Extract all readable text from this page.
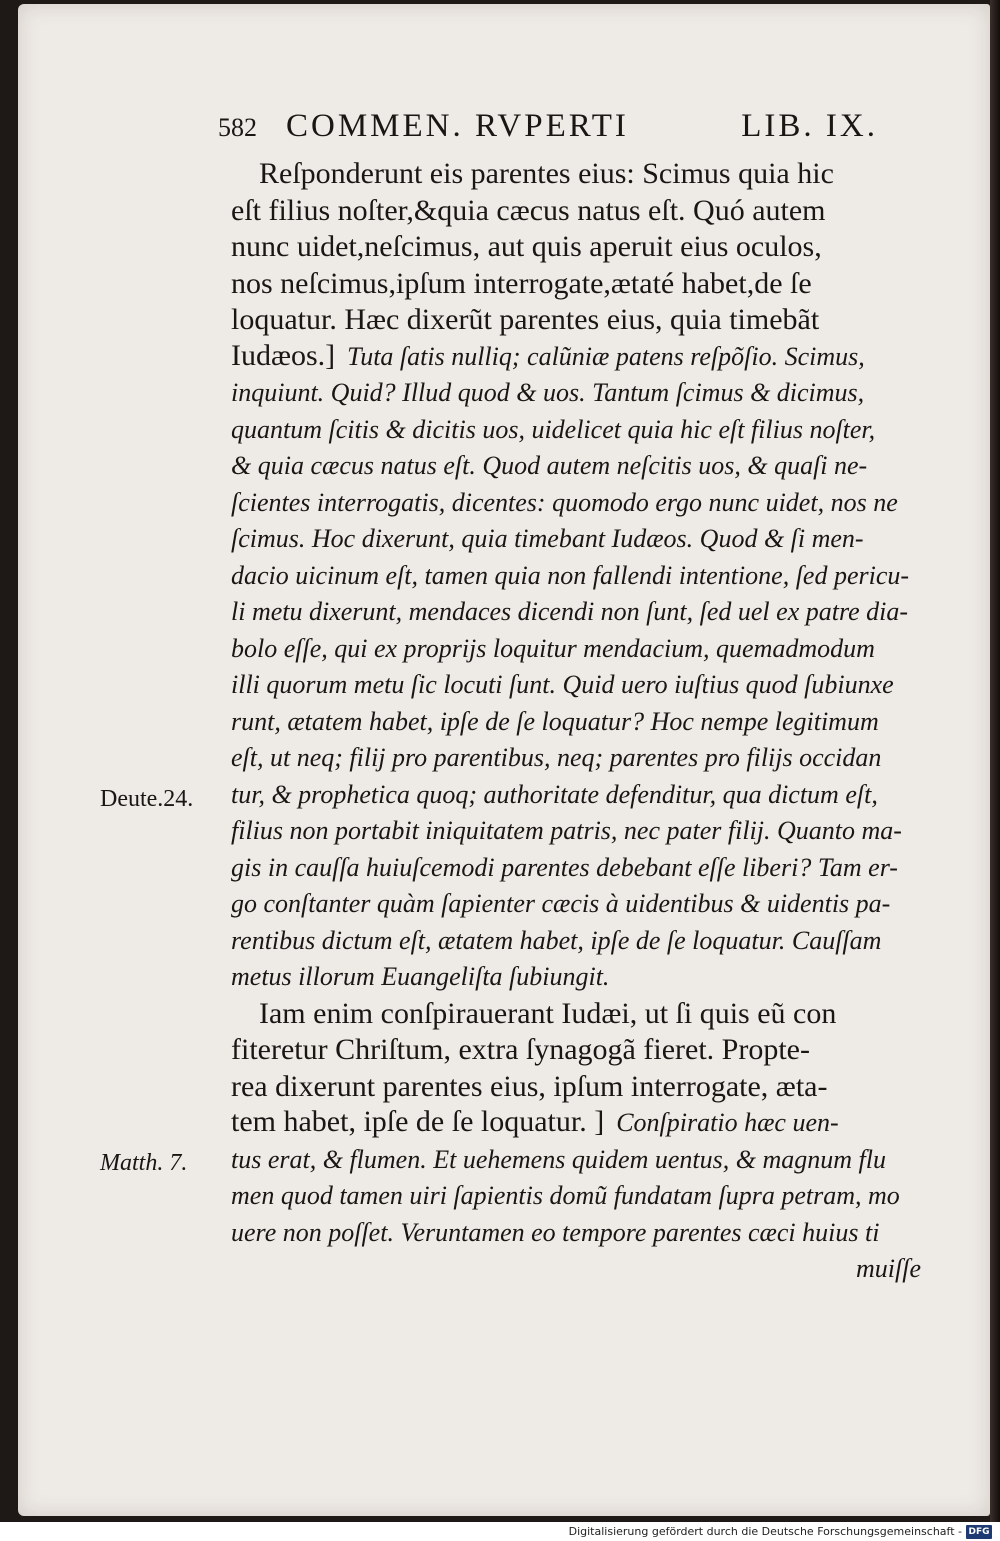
582 COMMEN. RVPERTI	LIB. IX.
Reſponderunt eis parentes eius: Scimus quia hic
eſt filius noſter,&quia cæcus natus eſt. Quó autem
nunc uidet,neſcimus, aut quis aperuit eius oculos,
nos neſcimus,ipſum interrogate,ætaté habet,de ſe
loquatur. Hæc dixerũt parentes eius, quia timebãt
Iudæos.] Tuta ſatis nulliq; calũniæ patens reſpõſio. Scimus,
inquiunt. Quid? Illud quod & uos. Tantum ſcimus & dicimus,
quantum ſcitis & dicitis uos, uidelicet quia hic eſt filius noſter,
& quia cæcus natus eſt. Quod autem neſcitis uos, & quaſi ne-
ſcientes interrogatis, dicentes: quomodo ergo nunc uidet, nos ne
ſcimus. Hoc dixerunt, quia timebant Iudæos. Quod & ſi men-
dacio uicinum eſt, tamen quia non fallendi intentione, ſed pericu-
li metu dixerunt, mendaces dicendi non ſunt, ſed uel ex patre dia-
bolo eſſe, qui ex proprijs loquitur mendacium, quemadmodum
illi quorum metu ſic locuti ſunt. Quid uero iuſtius quod ſubiunxe
runt, ætatem habet, ipſe de ſe loquatur? Hoc nempe legitimum
eſt, ut neq; filij pro parentibus, neq; parentes pro filijs occidan
tur, & prophetica quoq; authoritate defenditur, qua dictum eſt,
filius non portabit iniquitatem patris, nec pater filij. Quanto ma-
gis in cauſſa huiuſcemodi parentes debebant eſſe liberi? Tam er-
go conſtanter quàm ſapienter cæcis à uidentibus & uidentis pa-
rentibus dictum eſt, ætatem habet, ipſe de ſe loquatur. Cauſſam
metus illorum Euangeliſta ſubiungit.
Iam enim conſpirauerant Iudæi, ut ſi quis eũ con
fiteretur Chriſtum, extra ſynagogã fieret. Propte-
rea dixerunt parentes eius, ipſum interrogate, æta-
tem habet, ipſe de ſe loquatur. ] Conſpiratio hæc uen-
tus erat, & flumen. Et uehemens quidem uentus, & magnum flu
men quod tamen uiri ſapientis domũ fundatam ſupra petram, mo
uere non poſſet. Veruntamen eo tempore parentes cæci huius ti
muiſſe
Deute.24.
Matth. 7.
Digitalisierung gefördert durch die Deutsche Forschungsgemeinschaft - DFG
